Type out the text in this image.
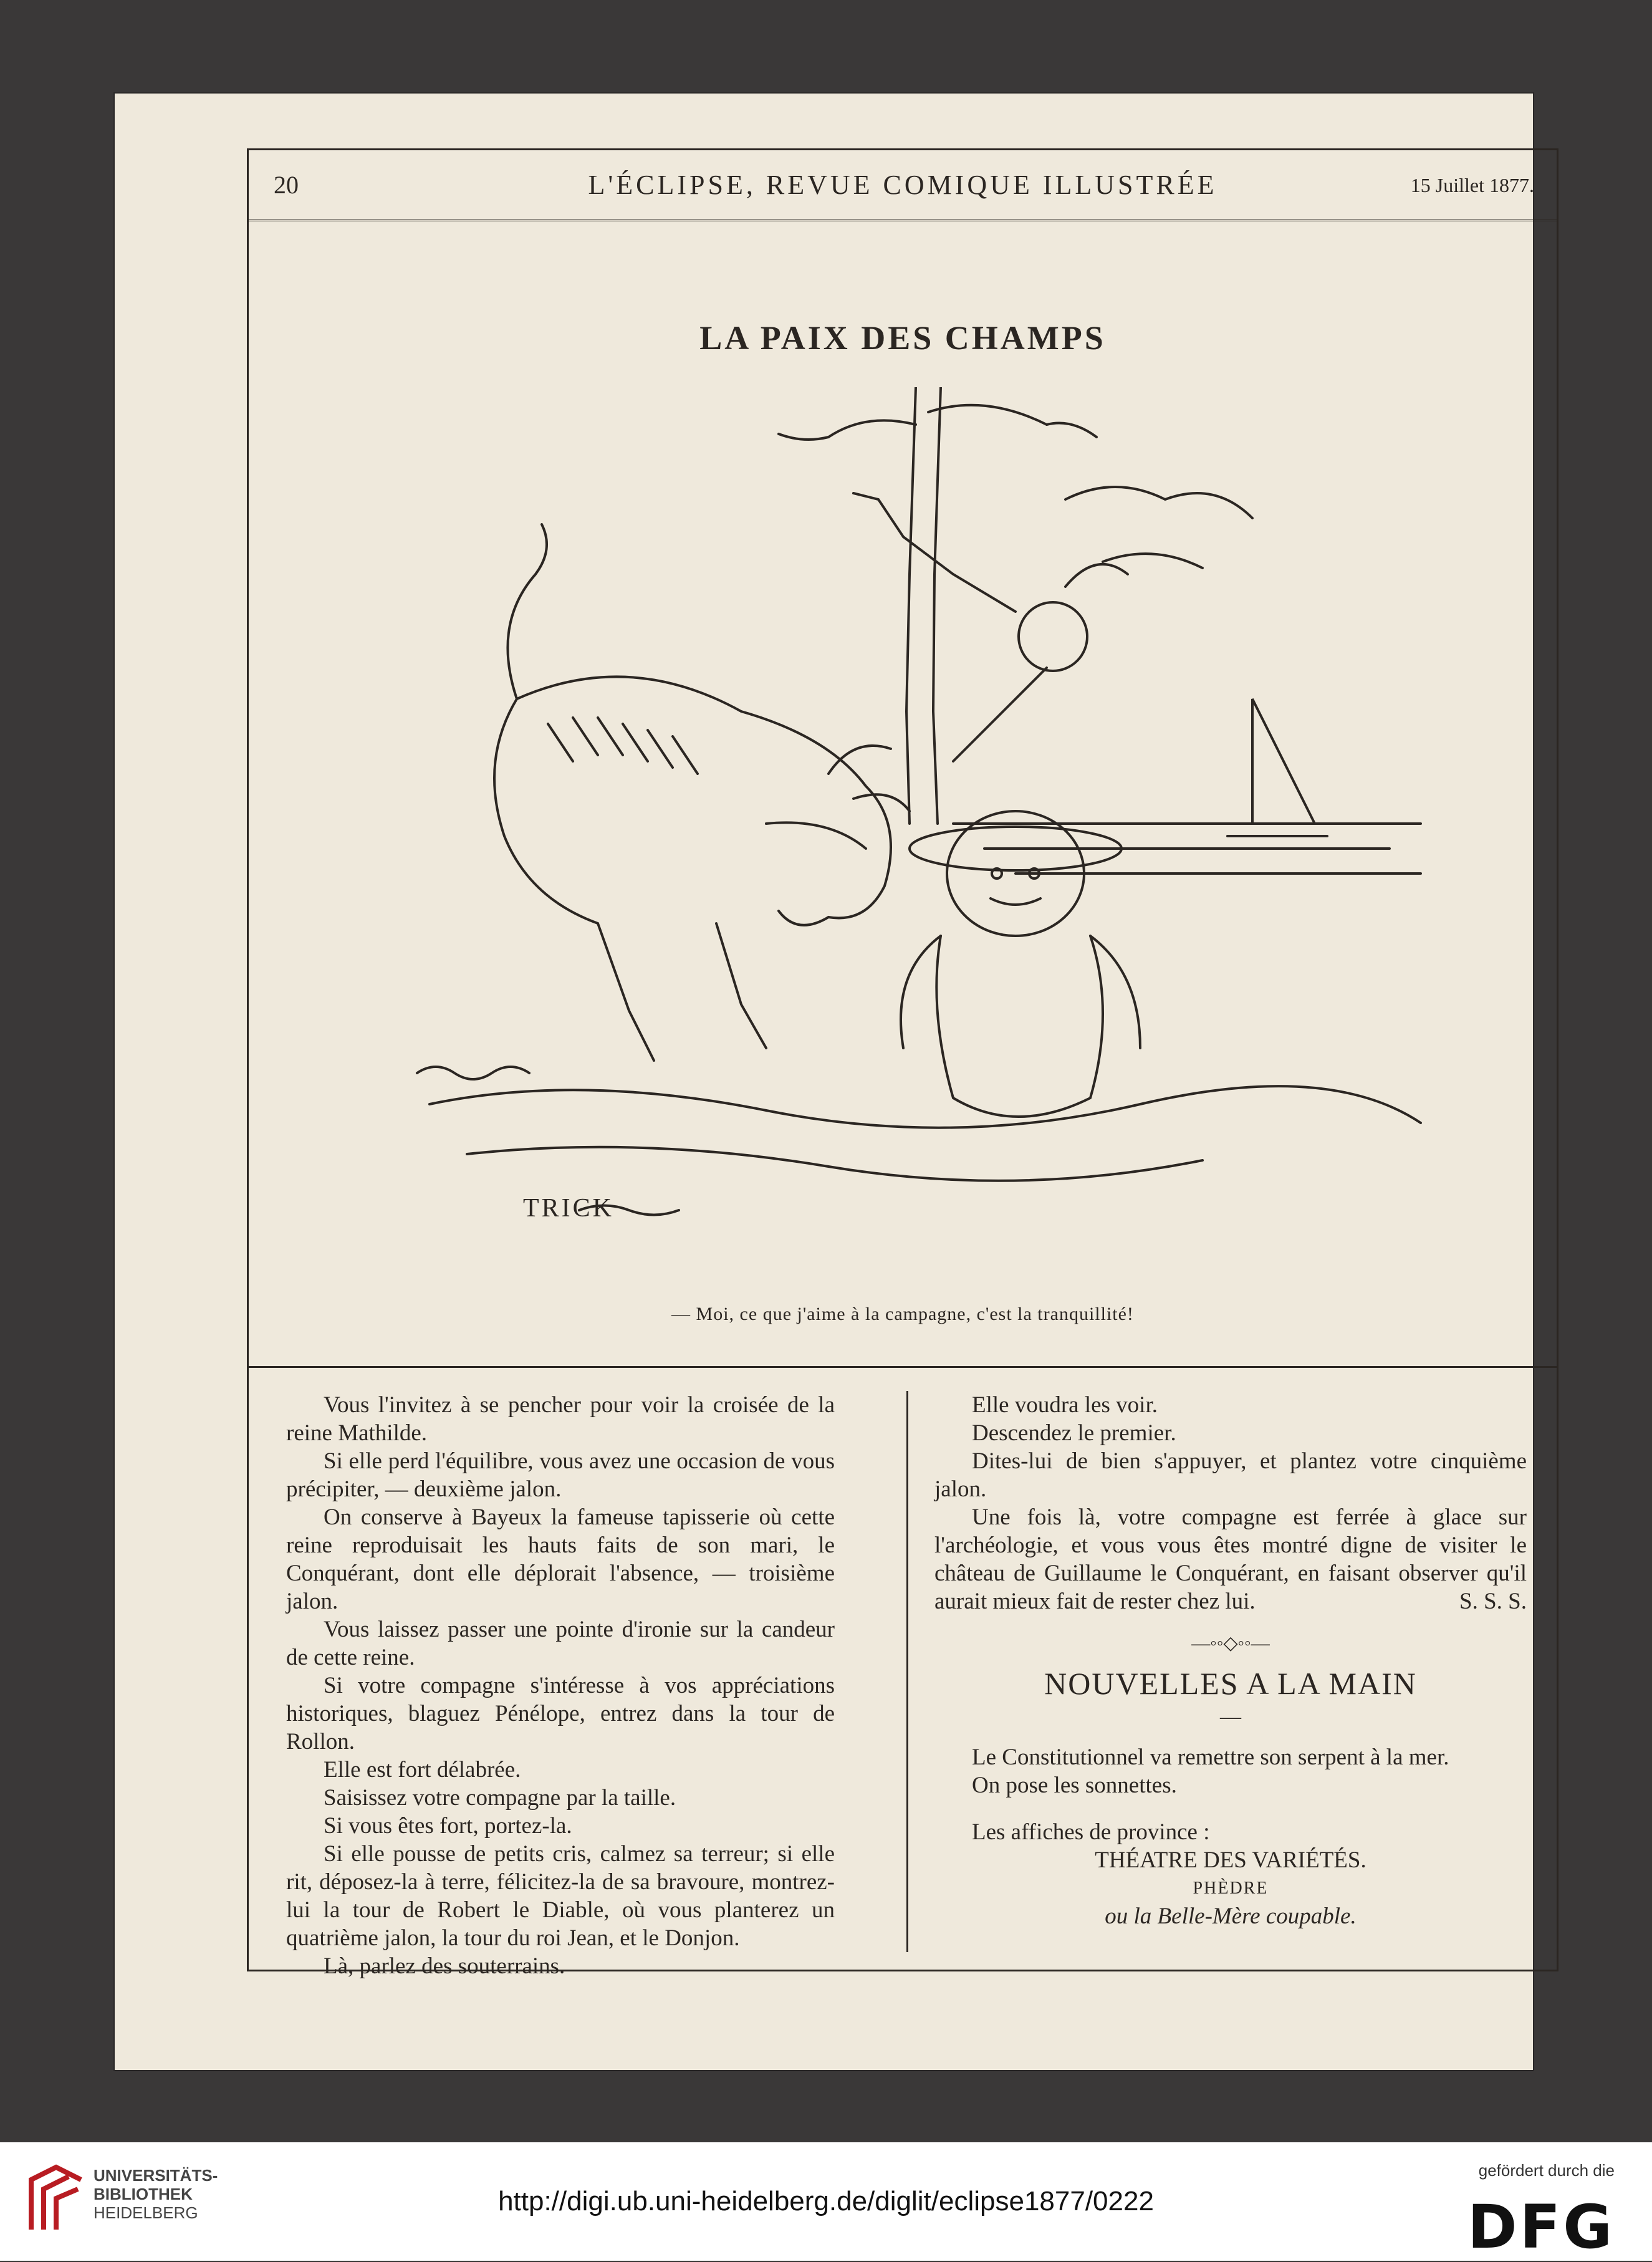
20	L'ÉCLIPSE, REVUE COMIQUE ILLUSTRÉE	15 Juillet 1877.
LA PAIX DES CHAMPS
TRICK
— Moi, ce que j'aime à la campagne, c'est la tranquillité!

Vous l'invitez à se pencher pour voir la croisée de la reine Mathilde.

Si elle perd l'équilibre, vous avez une occasion de vous précipiter, — deuxième jalon.

On conserve à Bayeux la fameuse tapisserie où cette reine reproduisait les hauts faits de son mari, le Conquérant, dont elle déplorait l'absence, — troisième jalon.

Vous laissez passer une pointe d'ironie sur la candeur de cette reine.

Si votre compagne s'intéresse à vos appréciations historiques, blaguez Pénélope, entrez dans la tour de Rollon.

Elle est fort délabrée.

Saisissez votre compagne par la taille.

Si vous êtes fort, portez-la.

Si elle pousse de petits cris, calmez sa terreur; si elle rit, déposez-la à terre, félicitez-la de sa bravoure, montrez-lui la tour de Robert le Diable, où vous planterez un quatrième jalon, la tour du roi Jean, et le Donjon.

Là, parlez des souterrains.

Elle voudra les voir.

Descendez le premier.

Dites-lui de bien s'appuyer, et plantez votre cinquième jalon.

Une fois là, votre compagne est ferrée à glace sur l'archéologie, et vous vous êtes montré digne de visiter le château de Guillaume le Conquérant, en faisant observer qu'il aurait mieux fait de rester chez lui.	S. S. S.

—◦◦◇◦◦—
NOUVELLES A LA MAIN
—

Le Constitutionnel va remettre son serpent à la mer.

On pose les sonnettes.

Les affiches de province :

THÉATRE DES VARIÉTÉS.

PHÈDRE

ou la Belle-Mère coupable.

UNIVERSITÄTS-
BIBLIOTHEK
HEIDELBERG	http://digi.ub.uni-heidelberg.de/diglit/eclipse1877/0222
gefördert durch die
DFG
